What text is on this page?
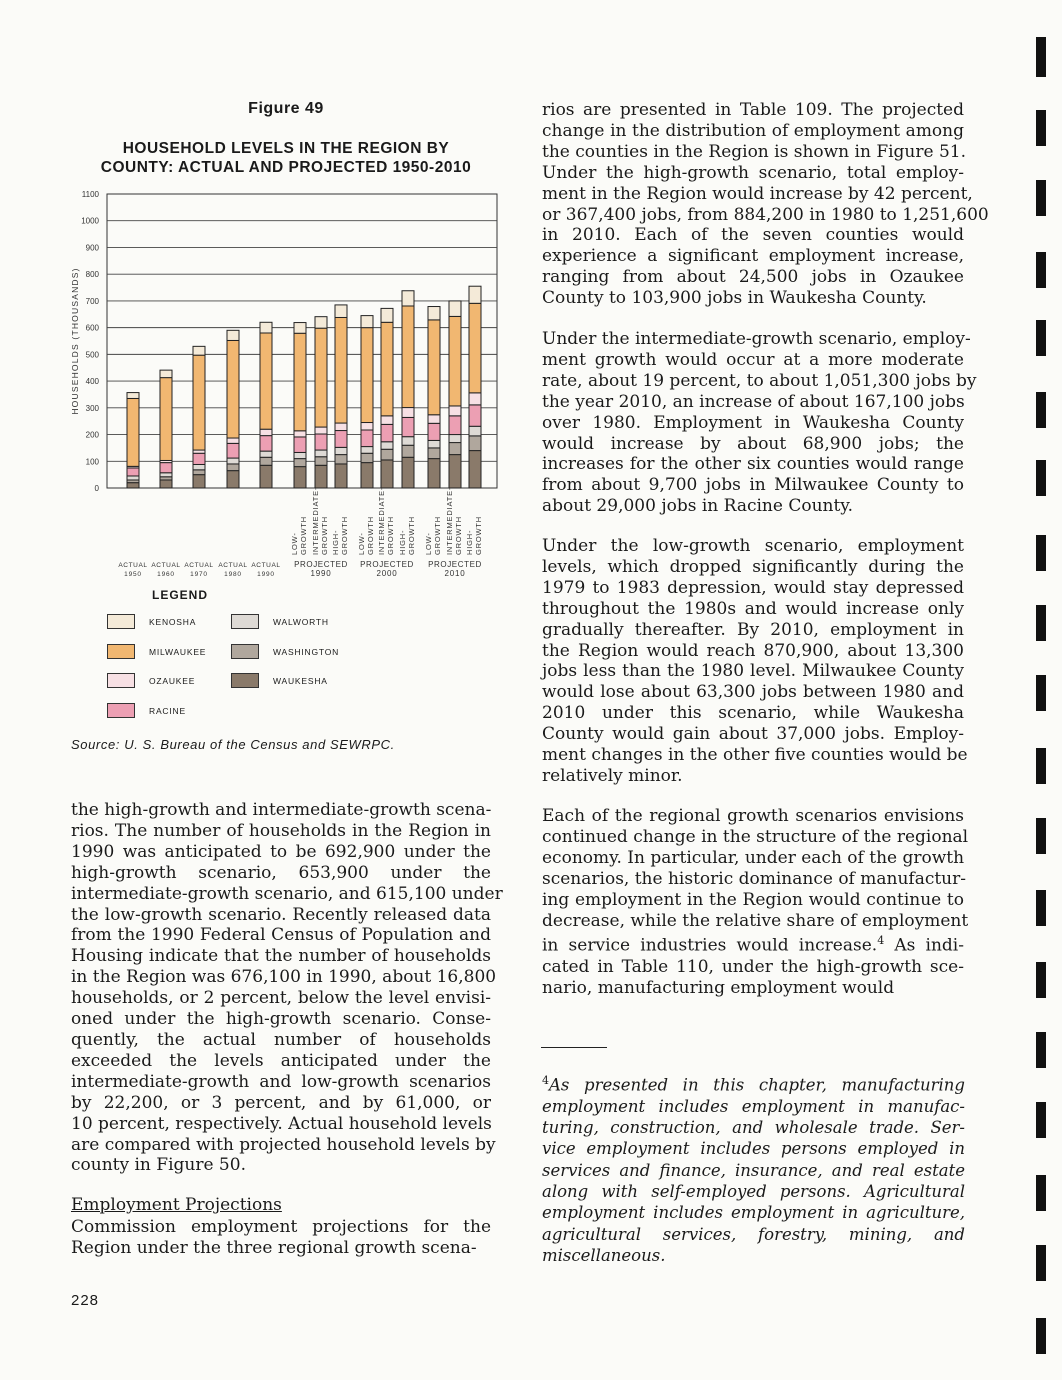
Figure 49
HOUSEHOLD LEVELS IN THE REGION BY
COUNTY: ACTUAL AND PROJECTED 1950-2010
0
100
200
300
400
500
600
700
800
900
1000
1100
HOUSEHOLDS (THOUSANDS)
LOW- GROWTH INTERMEDIATE- GROWTH HIGH- GROWTH LOW- GROWTH INTERMEDIATE- GROWTH HIGH- GROWTH LOW- GROWTH INTERMEDIATE- GROWTH HIGH- GROWTH
ACTUAL
1950
ACTUAL
1960
ACTUAL
1970
ACTUAL
1980
ACTUAL
1990
PROJECTED
1990
PROJECTED
2000
PROJECTED
2010
LEGEND
KENOSHA
MILWAUKEE
OZAUKEE
RACINE
WALWORTH
WASHINGTON
WAUKESHA
Source: U. S. Bureau of the Census and SEWRPC.
the high-growth and intermediate-growth scena-
rios. The number of households in the Region in
1990 was anticipated to be 692,900 under the
high-growth scenario, 653,900 under the
intermediate-growth scenario, and 615,100 under
the low-growth scenario. Recently released data
from the 1990 Federal Census of Population and
Housing indicate that the number of households
in the Region was 676,100 in 1990, about 16,800
households, or 2 percent, below the level envisi-
oned under the high-growth scenario. Conse-
quently, the actual number of households
exceeded the levels anticipated under the
intermediate-growth and low-growth scenarios
by 22,200, or 3 percent, and by 61,000, or
10 percent, respectively. Actual household levels
are compared with projected household levels by
county in Figure 50.
Employment Projections
Commission employment projections for the
Region under the three regional growth scena-
228
rios are presented in Table 109. The projected
change in the distribution of employment among
the counties in the Region is shown in Figure 51.
Under the high-growth scenario, total employ-
ment in the Region would increase by 42 percent,
or 367,400 jobs, from 884,200 in 1980 to 1,251,600
in 2010. Each of the seven counties would
experience a significant employment increase,
ranging from about 24,500 jobs in Ozaukee
County to 103,900 jobs in Waukesha County.
Under the intermediate-growth scenario, employ-
ment growth would occur at a more moderate
rate, about 19 percent, to about 1,051,300 jobs by
the year 2010, an increase of about 167,100 jobs
over 1980. Employment in Waukesha County
would increase by about 68,900 jobs; the
increases for the other six counties would range
from about 9,700 jobs in Milwaukee County to
about 29,000 jobs in Racine County.
Under the low-growth scenario, employment
levels, which dropped significantly during the
1979 to 1983 depression, would stay depressed
throughout the 1980s and would increase only
gradually thereafter. By 2010, employment in
the Region would reach 870,900, about 13,300
jobs less than the 1980 level. Milwaukee County
would lose about 63,300 jobs between 1980 and
2010 under this scenario, while Waukesha
County would gain about 37,000 jobs. Employ-
ment changes in the other five counties would be
relatively minor.
Each of the regional growth scenarios envisions
continued change in the structure of the regional
economy. In particular, under each of the growth
scenarios, the historic dominance of manufactur-
ing employment in the Region would continue to
decrease, while the relative share of employment
in service industries would increase.$^4$ As indi-
cated in Table 110, under the high-growth sce-
nario, manufacturing employment would
$^4$As presented in this chapter, manufacturing
employment includes employment in manufac-
turing, construction, and wholesale trade. Ser-
vice employment includes persons employed in
services and finance, insurance, and real estate
along with self-employed persons. Agricultural
employment includes employment in agriculture,
agricultural services, forestry, mining, and
miscellaneous.
